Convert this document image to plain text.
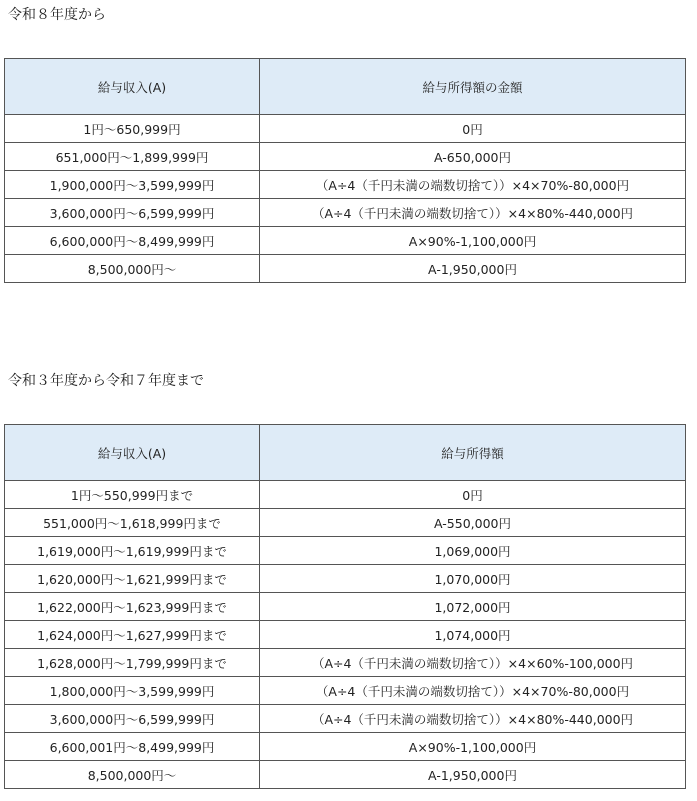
令和８年度から
給与収入(A)	給与所得額の金額
1円～650,999円	0円
651,000円～1,899,999円	A-650,000円
1,900,000円～3,599,999円	（A÷4（千円未満の端数切捨て））×4×70%-80,000円
3,600,000円～6,599,999円	（A÷4（千円未満の端数切捨て））×4×80%-440,000円
6,600,000円～8,499,999円	A×90%-1,100,000円
8,500,000円～	A-1,950,000円
令和３年度から令和７年度まで
給与収入(A)	給与所得額
1円～550,999円まで	0円
551,000円～1,618,999円まで	A-550,000円
1,619,000円～1,619,999円まで	1,069,000円
1,620,000円～1,621,999円まで	1,070,000円
1,622,000円～1,623,999円まで	1,072,000円
1,624,000円～1,627,999円まで	1,074,000円
1,628,000円～1,799,999円まで	（A÷4（千円未満の端数切捨て））×4×60%-100,000円
1,800,000円～3,599,999円	（A÷4（千円未満の端数切捨て））×4×70%-80,000円
3,600,000円～6,599,999円	（A÷4（千円未満の端数切捨て））×4×80%-440,000円
6,600,001円～8,499,999円	A×90%-1,100,000円
8,500,000円～	A-1,950,000円
